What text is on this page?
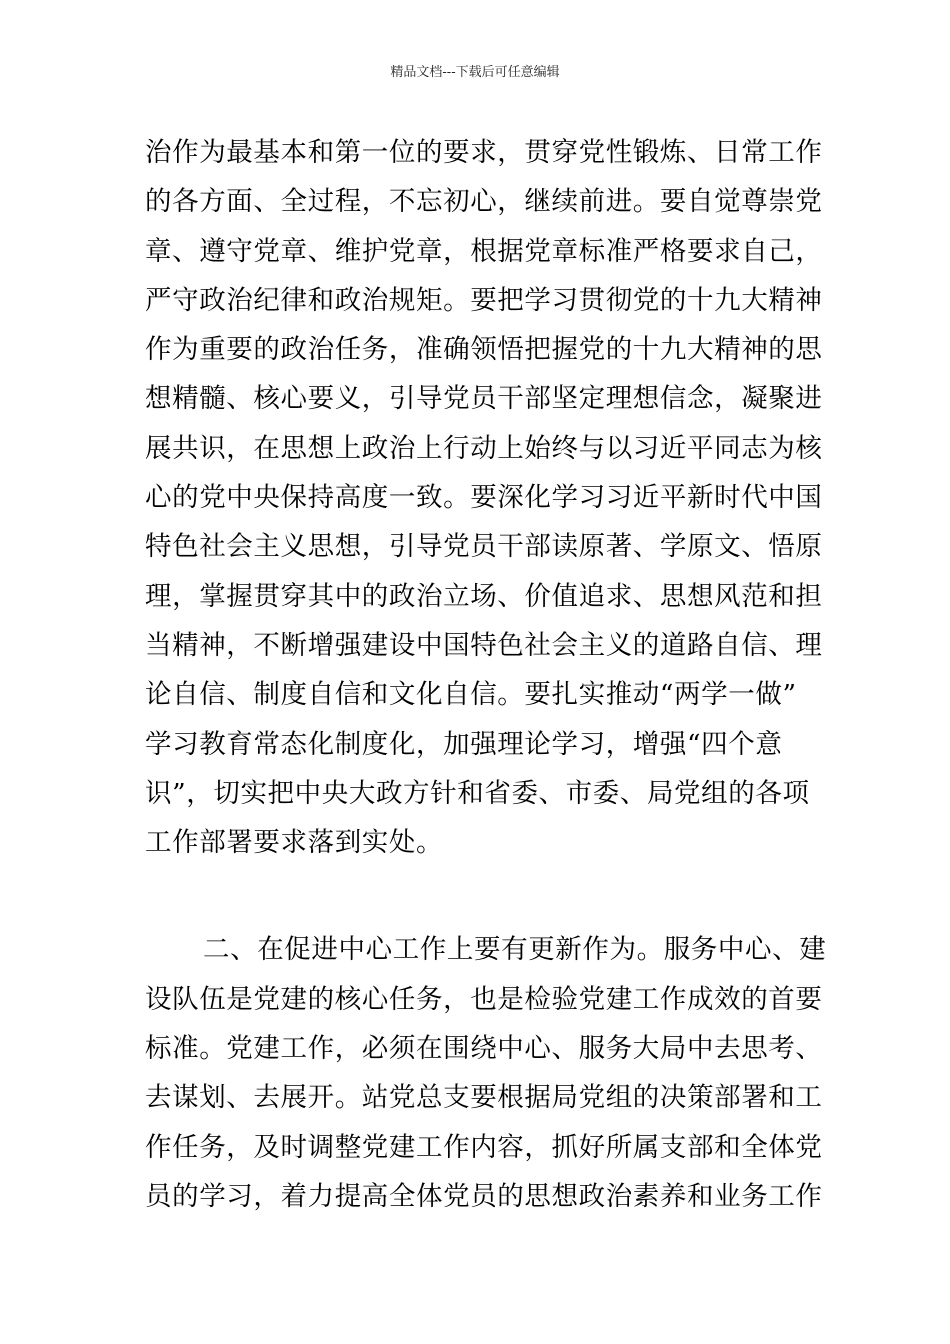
精品文档---下载后可任意编辑
治作为最基本和第一位的要求，贯穿党性锻炼、日常工作
的各方面、全过程，不忘初心，继续前进。要自觉尊崇党
章、遵守党章、维护党章，根据党章标准严格要求自己，
严守政治纪律和政治规矩。要把学习贯彻党的十九大精神
作为重要的政治任务，准确领悟把握党的十九大精神的思
想精髓、核心要义，引导党员干部坚定理想信念，凝聚进
展共识，在思想上政治上行动上始终与以习近平同志为核
心的党中央保持高度一致。要深化学习习近平新时代中国
特色社会主义思想，引导党员干部读原著、学原文、悟原
理，掌握贯穿其中的政治立场、价值追求、思想风范和担
当精神，不断增强建设中国特色社会主义的道路自信、理
论自信、制度自信和文化自信。要扎实推动“两学一做”
学习教育常态化制度化，加强理论学习，增强“四个意
识”，切实把中央大政方针和省委、市委、局党组的各项
工作部署要求落到实处。
二、在促进中心工作上要有更新作为。服务中心、建
设队伍是党建的核心任务，也是检验党建工作成效的首要
标准。党建工作，必须在围绕中心、服务大局中去思考、
去谋划、去展开。站党总支要根据局党组的决策部署和工
作任务，及时调整党建工作内容，抓好所属支部和全体党
员的学习，着力提高全体党员的思想政治素养和业务工作
